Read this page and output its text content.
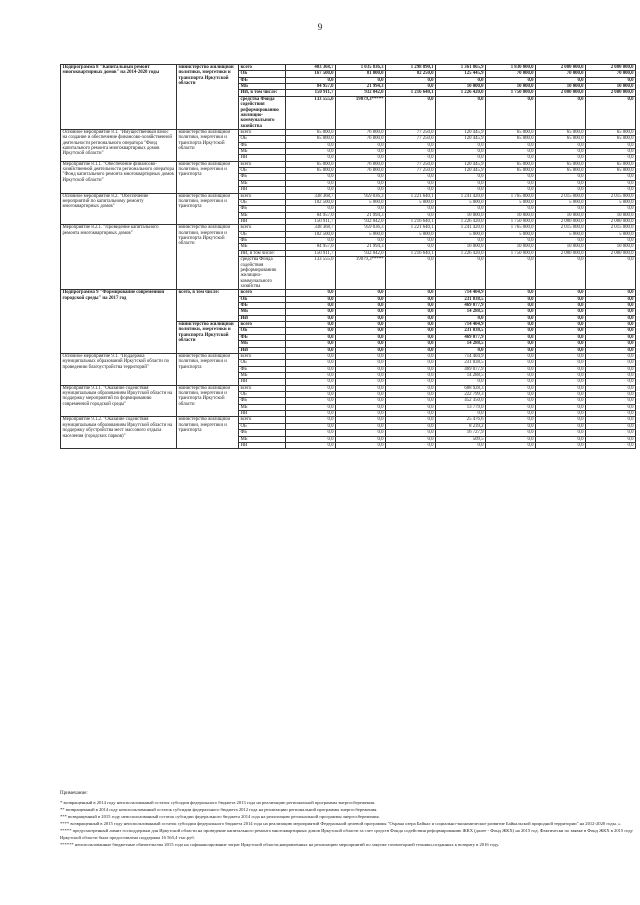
9
Подпрограмма 8 "Капитальный ремонт многоквартирных домов" на 2014-2020 годы	министерство жилищной политики, энергетики и транспорта Иркутской области	всего	403 368,7	1 035 836,3	1 298 890,1	1 361 865,9	1 830 000,0	2 080 000,0	2 080 000,0
		ОБ	167 500,0	81 800,0	82 250,0	125 445,9	70 000,0	70 000,0	70 000,0
		ФБ	0,0	0,0	0,0	0,0	0,0	0,0	0,0
		МБ	84 957,0	21 994,3	0,0	10 000,0	10 000,0	10 000,0	10 000,0
		ИИ, в том числе:	150 911,7	932 042,0	1 216 640,1	1 226 420,0	1 750 000,0	2 000 000,0	2 000 000,0
		средства Фонда содействия реформированию жилищно-коммунального хозяйства	133 555,0	19079,3*****	0,0	0,0	0,0	0,0	0,0
Основное мероприятие 8.1. "Имущественный взнос на создание и обеспечение финансово-хозяйственной деятельности регионального оператора "Фонд капитального ремонта многоквартирных домов Иркутской области"	министерство жилищной политики, энергетики и транспорта Иркутской области	всего	65 000,0	76 800,0	77 250,0	120 445,9	65 000,0	65 000,0	65 000,0
		ОБ	65 000,0	76 800,0	77 250,0	120 445,9	65 000,0	65 000,0	65 000,0
		ФБ	0,0	0,0	0,0	0,0	0,0	0,0	0,0
		МБ	0,0	0,0	0,0	0,0	0,0	0,0	0,0
		ИИ	0,0	0,0	0,0	0,0	0,0	0,0	0,0
Мероприятие 8.1.1. "Обеспечение финансово-хозяйственной деятельности регионального оператора "Фонд капитального ремонта многоквартирных домов Иркутской области"	министерство жилищной политики, энергетики и транспорта	всего	65 000,0	76 800,0	77 250,0	120 445,9	65 000,0	65 000,0	65 000,0
		ОБ	65 000,0	76 800,0	77 250,0	120 445,9	65 000,0	65 000,0	65 000,0
		ФБ	0,0	0,0	0,0	0,0	0,0	0,0	0,0
		МБ	0,0	0,0	0,0	0,0	0,0	0,0	0,0
		ИИ	0,0	0,0	0,0	0,0	0,0	0,0	0,0
Основное мероприятие 8.2. "Обеспечение мероприятий по капитальному ремонту многоквартирных домов"	министерство жилищной политики, энергетики и транспорта	всего	338 368,7	959 036,3	1 221 640,1	1 241 420,0	1 765 000,0	2 015 000,0	2 015 000,0
		ОБ	102 500,0	5 000,0	5 000,0	5 000,0	5 000,0	5 000,0	5 000,0
		ФБ	0,0	0,0	0,0	0,0	0,0	0,0	0,0
		МБ	84 957,0	21 994,3	0,0	10 000,0	10 000,0	10 000,0	10 000,0
		ИИ	150 911,7	932 042,0	1 216 640,1	1 226 420,0	1 750 000,0	2 000 000,0	2 000 000,0
Мероприятие 8.2.1. "Проведение капитального ремонта многоквартирных домов"	министерство жилищной политики, энергетики и транспорта Иркутской области	всего	338 368,7	959 036,3	1 221 640,1	1 241 420,0	1 765 000,0	2 015 000,0	2 015 000,0
		ОБ	102 500,0	5 000,0	5 000,0	5 000,0	5 000,0	5 000,0	5 000,0
		ФБ	0,0	0,0	0,0	0,0	0,0	0,0	0,0
		МБ	84 957,0	21 994,3	0,0	10 000,0	10 000,0	10 000,0	10 000,0
		ИИ, в том числе:	150 911,7	932 042,0	1 216 640,1	1 226 420,0	1 750 000,0	2 000 000,0	2 000 000,0
		средства Фонда содействия реформированию жилищно-коммунального хозяйства	133 555,0	19079,3*****	0,0	0,0	0,0	0,0	0,0
Подпрограмма 9 "Формирование современной городской среды" на 2017 год	всего, в том числе:	всего	0,0	0,0	0,0	714 404,9	0,0	0,0	0,0
		ОБ	0,0	0,0	0,0	231 038,5	0,0	0,0	0,0
		ФБ	0,0	0,0	0,0	469 077,9	0,0	0,0	0,0
		МБ	0,0	0,0	0,0	14 288,5	0,0	0,0	0,0
		ИИ	0,0	0,0	0,0	0,0	0,0	0,0	0,0
	министерство жилищной политики, энергетики и транспорта Иркутской области	всего	0,0	0,0	0,0	714 404,9	0,0	0,0	0,0
		ОБ	0,0	0,0	0,0	231 038,5	0,0	0,0	0,0
		ФБ	0,0	0,0	0,0	469 077,9	0,0	0,0	0,0
		МБ	0,0	0,0	0,0	14 288,5	0,0	0,0	0,0
		ИИ	0,0	0,0	0,0	0,0	0,0	0,0	0,0
Основное мероприятие 9.1. "Поддержка муниципальных образований Иркутской области по проведению благоустройства территорий"	министерство жилищной политики, энергетики и транспорта	всего	0,0	0,0	0,0	714 404,9	0,0	0,0	0,0
		ОБ	0,0	0,0	0,0	231 038,5	0,0	0,0	0,0
		ФБ	0,0	0,0	0,0	469 077,9	0,0	0,0	0,0
		МБ	0,0	0,0	0,0	14 288,5	0,0	0,0	0,0
		ИИ	0,0	0,0	0,0	0,0	0,0	0,0	0,0
Мероприятие 9.1.1. "Оказание содействия муниципальным образованиям Иркутской области на поддержку мероприятий по формированию современной городской среды"	министерство жилищной политики, энергетики и транспорта Иркутской области	всего	0,0	0,0	0,0	688 928,3	0,0	0,0	0,0
		ОБ	0,0	0,0	0,0	222 799,3	0,0	0,0	0,0
		ФБ	0,0	0,0	0,0	452 350,0	0,0	0,0	0,0
		МБ	0,0	0,0	0,0	13 779,0	0,0	0,0	0,0
		ИИ	0,0	0,0	0,0	0,0	0,0	0,0	0,0
Мероприятие 9.1.2. "Оказание содействия муниципальным образованиям Иркутской области на поддержку обустройства мест массового отдыха населения (городских парков)"	министерство жилищной политики, энергетики и транспорта	всего	0,0	0,0	0,0	25 476,6	0,0	0,0	0,0
		ОБ	0,0	0,0	0,0	8 239,2	0,0	0,0	0,0
		ФБ	0,0	0,0	0,0	16 727,9	0,0	0,0	0,0
		МБ	0,0	0,0	0,0	509,5	0,0	0,0	0,0
		ИИ	0,0	0,0	0,0	0,0	0,0	0,0	0,0
Примечание:

* возвращенный в 2014 году неиспользованный остаток субсидии федерального бюджета 2013 года на реализацию региональной программы энергосбережения.

** возвращенный в 2014 году неиспользованный остаток субсидии федерального бюджета 2012 года на реализацию региональной программы энергосбережения.

*** возвращенный в 2015 году неиспользованный остаток субсидии федерального бюджета 2014 года на реализацию региональной программы энергосбережения.

**** возвращенный в 2015 году неиспользованный остаток субсидии федерального бюджета 2014 года на реализацию мероприятий Федеральной целевой программы "Охрана озера Байкал и социально-экономическое развитие Байкальской природной территории" на 2012-2020 годы. ».

***** предусмотренный лимит господдержки для Иркутской области на проведение капитального ремонта многоквартирных домов Иркутской области за счет средств Фонда содействия реформированию ЖКХ (далее - Фонд ЖКХ) на 2015 год. Фактически по заявке в Фонд ЖКХ в 2015 году Иркутской области была предоставлена поддержка 16 565,4 тыс.руб.

****** неиспользованные бюджетные обязательства 2015 года на софинансирование затрат Иркутской области,направленных на реализацию мероприятий по закупке газомоторной техники,созданных к возврату в 2016 году.
